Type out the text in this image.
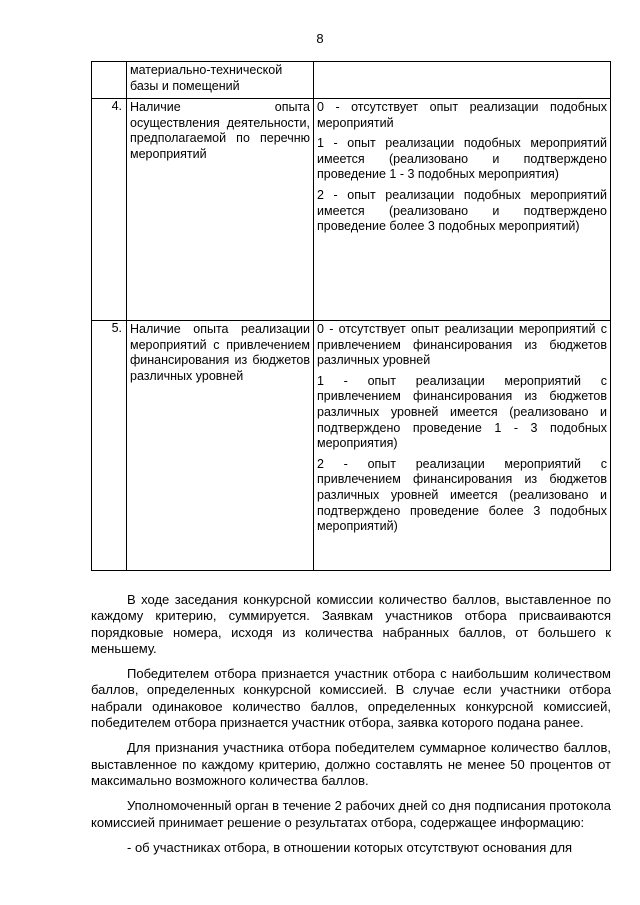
8
	материально-технической базы и помещений	
4.	Наличие опыта осуществления деятельности, предполагаемой по перечню мероприятий	0 - отсутствует опыт реализации подобных мероприятий

1 - опыт реализации подобных мероприятий имеется (реализовано и подтверждено проведение 1 - 3 подобных мероприятия)

2 - опыт реализации подобных мероприятий имеется (реализовано и подтверждено проведение более 3 подобных мероприятий)

5.	Наличие опыта реализации мероприятий с привлечением финансирования из бюджетов различных уровней	0 - отсутствует опыт реализации мероприятий с привлечением финансирования из бюджетов различных уровней

1 - опыт реализации мероприятий с привлечением финансирования из бюджетов различных уровней имеется (реализовано и подтверждено проведение 1 - 3 подобных мероприятия)

2 - опыт реализации мероприятий с привлечением финансирования из бюджетов различных уровней имеется (реализовано и подтверждено проведение более 3 подобных мероприятий)

В ходе заседания конкурсной комиссии количество баллов, выставленное по каждому критерию, суммируется. Заявкам участников отбора присваиваются порядковые номера, исходя из количества набранных баллов, от большего к меньшему.

Победителем отбора признается участник отбора с наибольшим количеством баллов, определенных конкурсной комиссией. В случае если участники отбора набрали одинаковое количество баллов, определенных конкурсной комиссией, победителем отбора признается участник отбора, заявка которого подана ранее.

Для признания участника отбора победителем суммарное количество баллов, выставленное по каждому критерию, должно составлять не менее 50 процентов от максимально возможного количества баллов.

Уполномоченный орган в течение 2 рабочих дней со дня подписания протокола комиссией принимает решение о результатах отбора, содержащее информацию:

- об участниках отбора, в отношении которых отсутствуют основания для
